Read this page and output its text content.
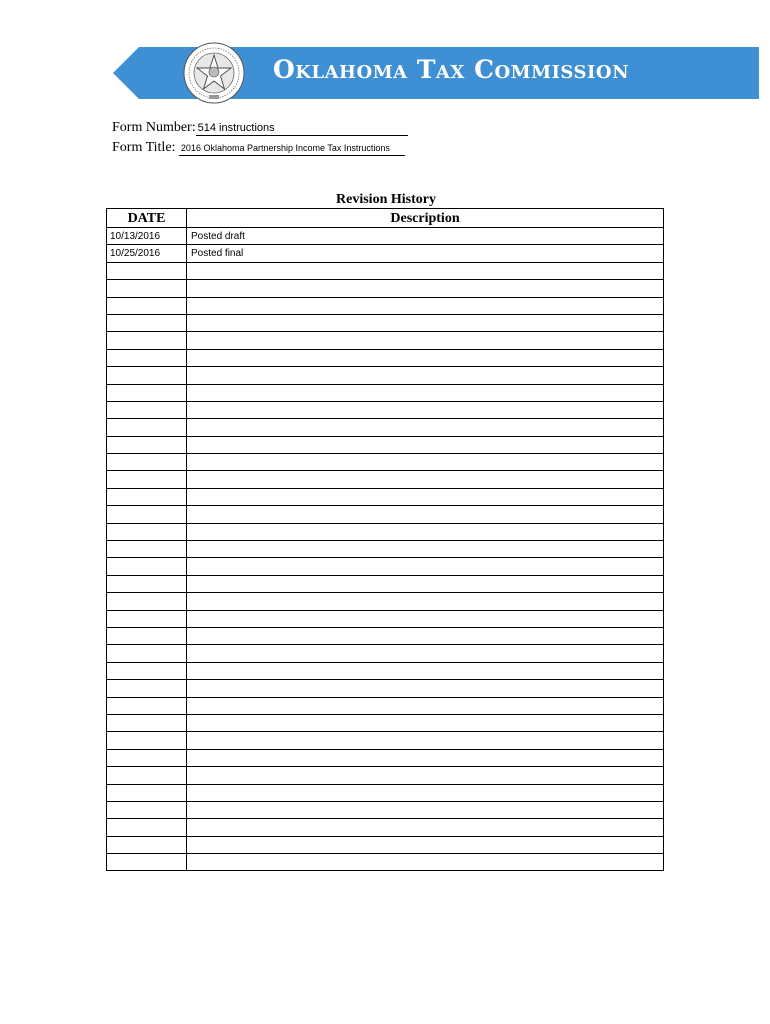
Oklahoma Tax Commission
Form Number: 514 instructions
Form Title: 2016 Oklahoma Partnership Income Tax Instructions
Revision History
DATE	Description
10/13/2016	Posted draft
10/25/2016	Posted final
